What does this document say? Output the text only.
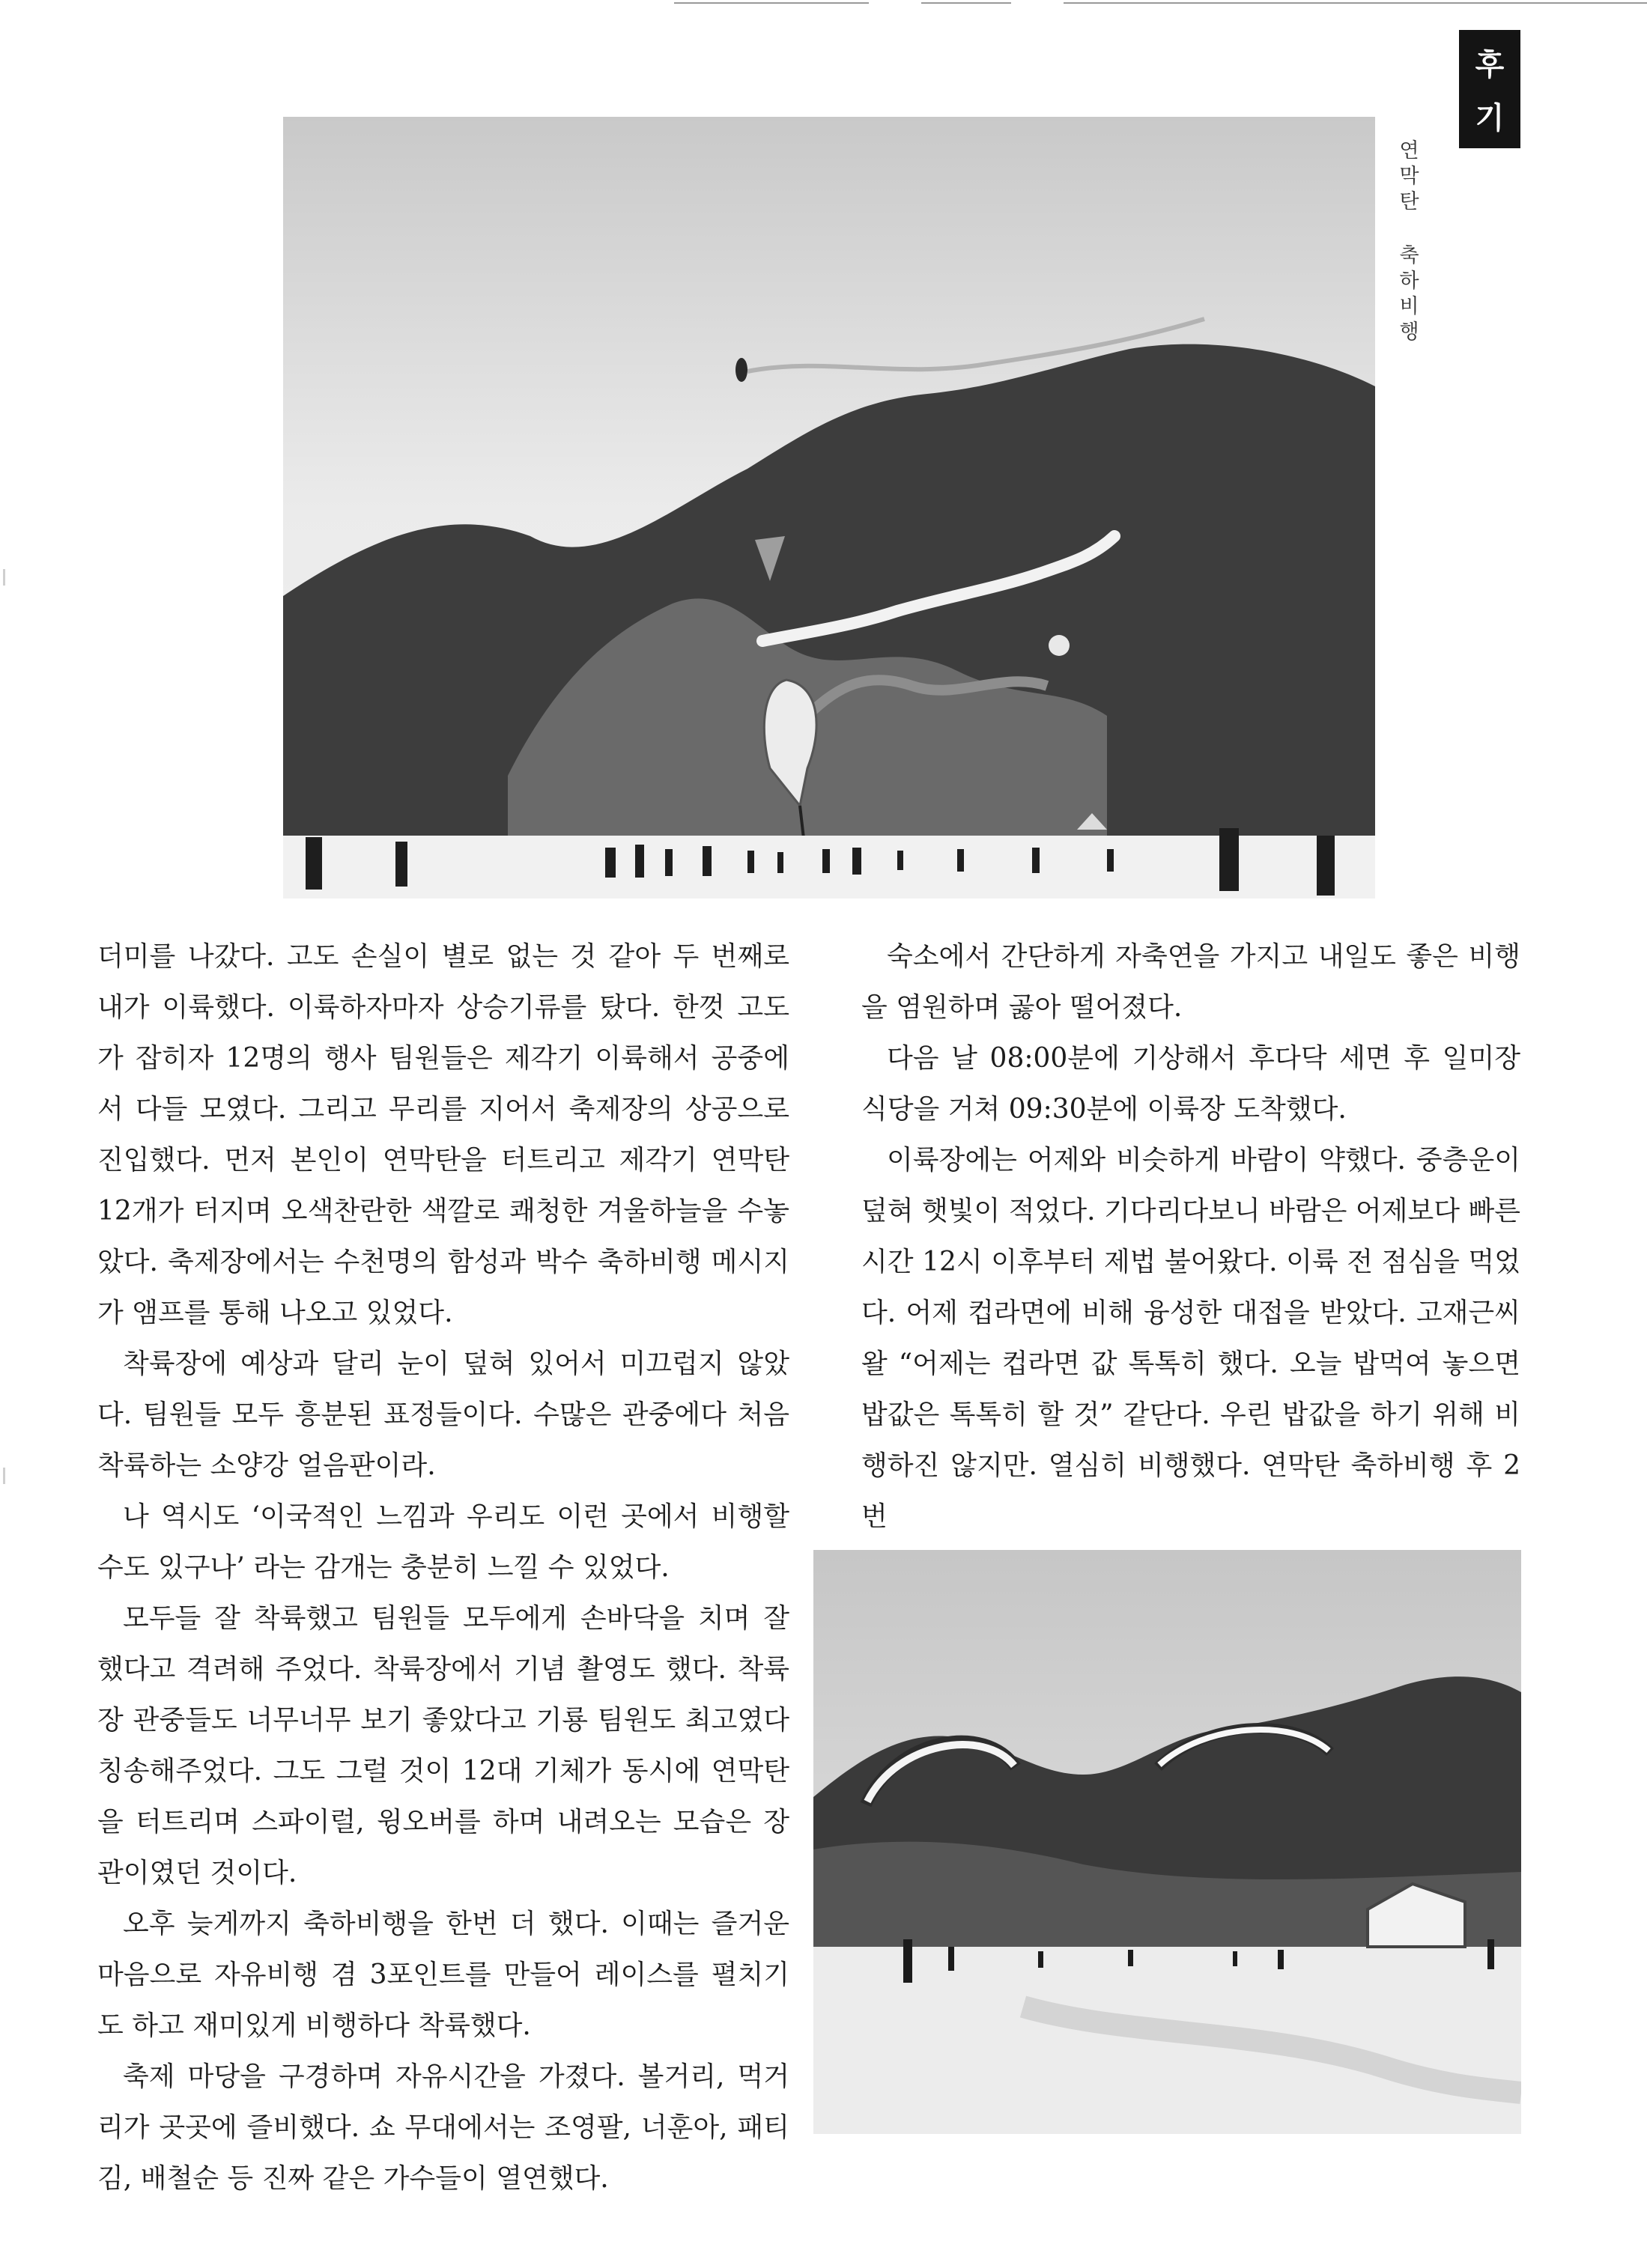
후
기
연막탄 축하비행

더미를 나갔다. 고도 손실이 별로 없는 것 같아 두 번째로 내가 이륙했다. 이륙하자마자 상승기류를 탔다. 한껏 고도가 잡히자 12명의 행사 팀원들은 제각기 이륙해서 공중에서 다들 모였다. 그리고 무리를 지어서 축제장의 상공으로 진입했다. 먼저 본인이 연막탄을 터트리고 제각기 연막탄 12개가 터지며 오색찬란한 색깔로 쾌청한 겨울하늘을 수놓았다. 축제장에서는 수천명의 함성과 박수 축하비행 메시지가 앰프를 통해 나오고 있었다.

착륙장에 예상과 달리 눈이 덮혀 있어서 미끄럽지 않았다. 팀원들 모두 흥분된 표정들이다. 수많은 관중에다 처음 착륙하는 소양강 얼음판이라.

나 역시도 ‘이국적인 느낌과 우리도 이런 곳에서 비행할 수도 있구나’ 라는 감개는 충분히 느낄 수 있었다.

모두들 잘 착륙했고 팀원들 모두에게 손바닥을 치며 잘 했다고 격려해 주었다. 착륙장에서 기념 촬영도 했다. 착륙장 관중들도 너무너무 보기 좋았다고 기룡 팀원도 최고였다 칭송해주었다. 그도 그럴 것이 12대 기체가 동시에 연막탄을 터트리며 스파이럴, 윙오버를 하며 내려오는 모습은 장관이였던 것이다.

오후 늦게까지 축하비행을 한번 더 했다. 이때는 즐거운 마음으로 자유비행 겸 3포인트를 만들어 레이스를 펼치기도 하고 재미있게 비행하다 착륙했다.

축제 마당을 구경하며 자유시간을 가졌다. 볼거리, 먹거리가 곳곳에 즐비했다. 쇼 무대에서는 조영팔, 너훈아, 패티김, 배철순 등 진짜 같은 가수들이 열연했다.

숙소에서 간단하게 자축연을 가지고 내일도 좋은 비행을 염원하며 곯아 떨어졌다.

다음 날 08:00분에 기상해서 후다닥 세면 후 일미장 식당을 거쳐 09:30분에 이륙장 도착했다.

이륙장에는 어제와 비슷하게 바람이 약했다. 중층운이 덮혀 햇빛이 적었다. 기다리다보니 바람은 어제보다 빠른 시간 12시 이후부터 제법 불어왔다. 이륙 전 점심을 먹었다. 어제 컵라면에 비해 융성한 대접을 받았다. 고재근씨 왈 “어제는 컵라면 값 톡톡히 했다. 오늘 밥먹여 놓으면 밥값은 톡톡히 할 것” 같단다. 우린 밥값을 하기 위해 비행하진 않지만. 열심히 비행했다. 연막탄 축하비행 후 2번
